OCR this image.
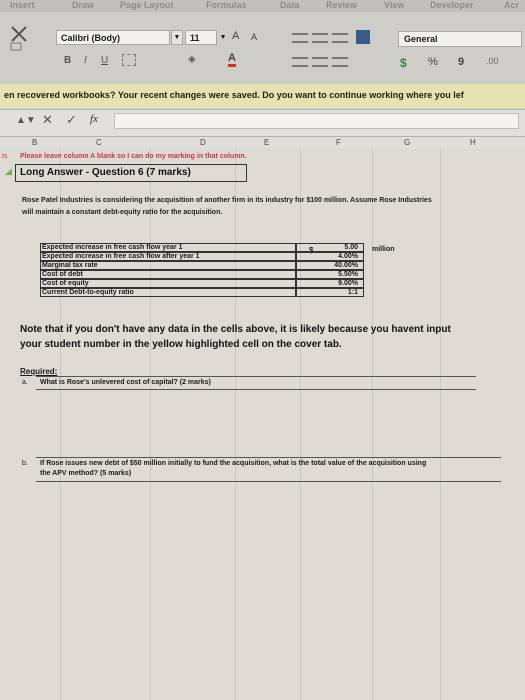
Insert	Draw	Page Layout	Formulas	Data	Review	View	Developer	Acr
Calibri (Body)	▼	11	▼ A A
B I U	◈	A
General
$ % 9 .00
en recovered workbooks? Your recent changes were saved. Do you want to continue working where you lef
▲▼ ✕ ✓ fx
B	C	D	E	F	G	H
ts Please leave column A blank so I can do my marking in that column.
◢ Long Answer - Question 6 (7 marks)
Rose Patel Industries is considering the acquisition of another firm in its industry for $100 million. Assume Rose Industries
will maintain a constant debt-equity ratio for the acquisition.
$	million
Expected increase in free cash flow year 1	5.00
Expected increase in free cash flow after year 1	4.00%
Marginal tax rate	40.00%
Cost of debt	5.50%
Cost of equity	9.00%
Current Debt-to-equity ratio	1:1
Note that if you don't have any data in the cells above, it is likely because you havent input
your student number in the yellow highlighted cell on the cover tab.
Required:
a. What is Rose's unlevered cost of capital? (2 marks)
b. If Rose issues new debt of $50 million initially to fund the acquisition, what is the total value of the acquisition using
the APV method? (5 marks)
